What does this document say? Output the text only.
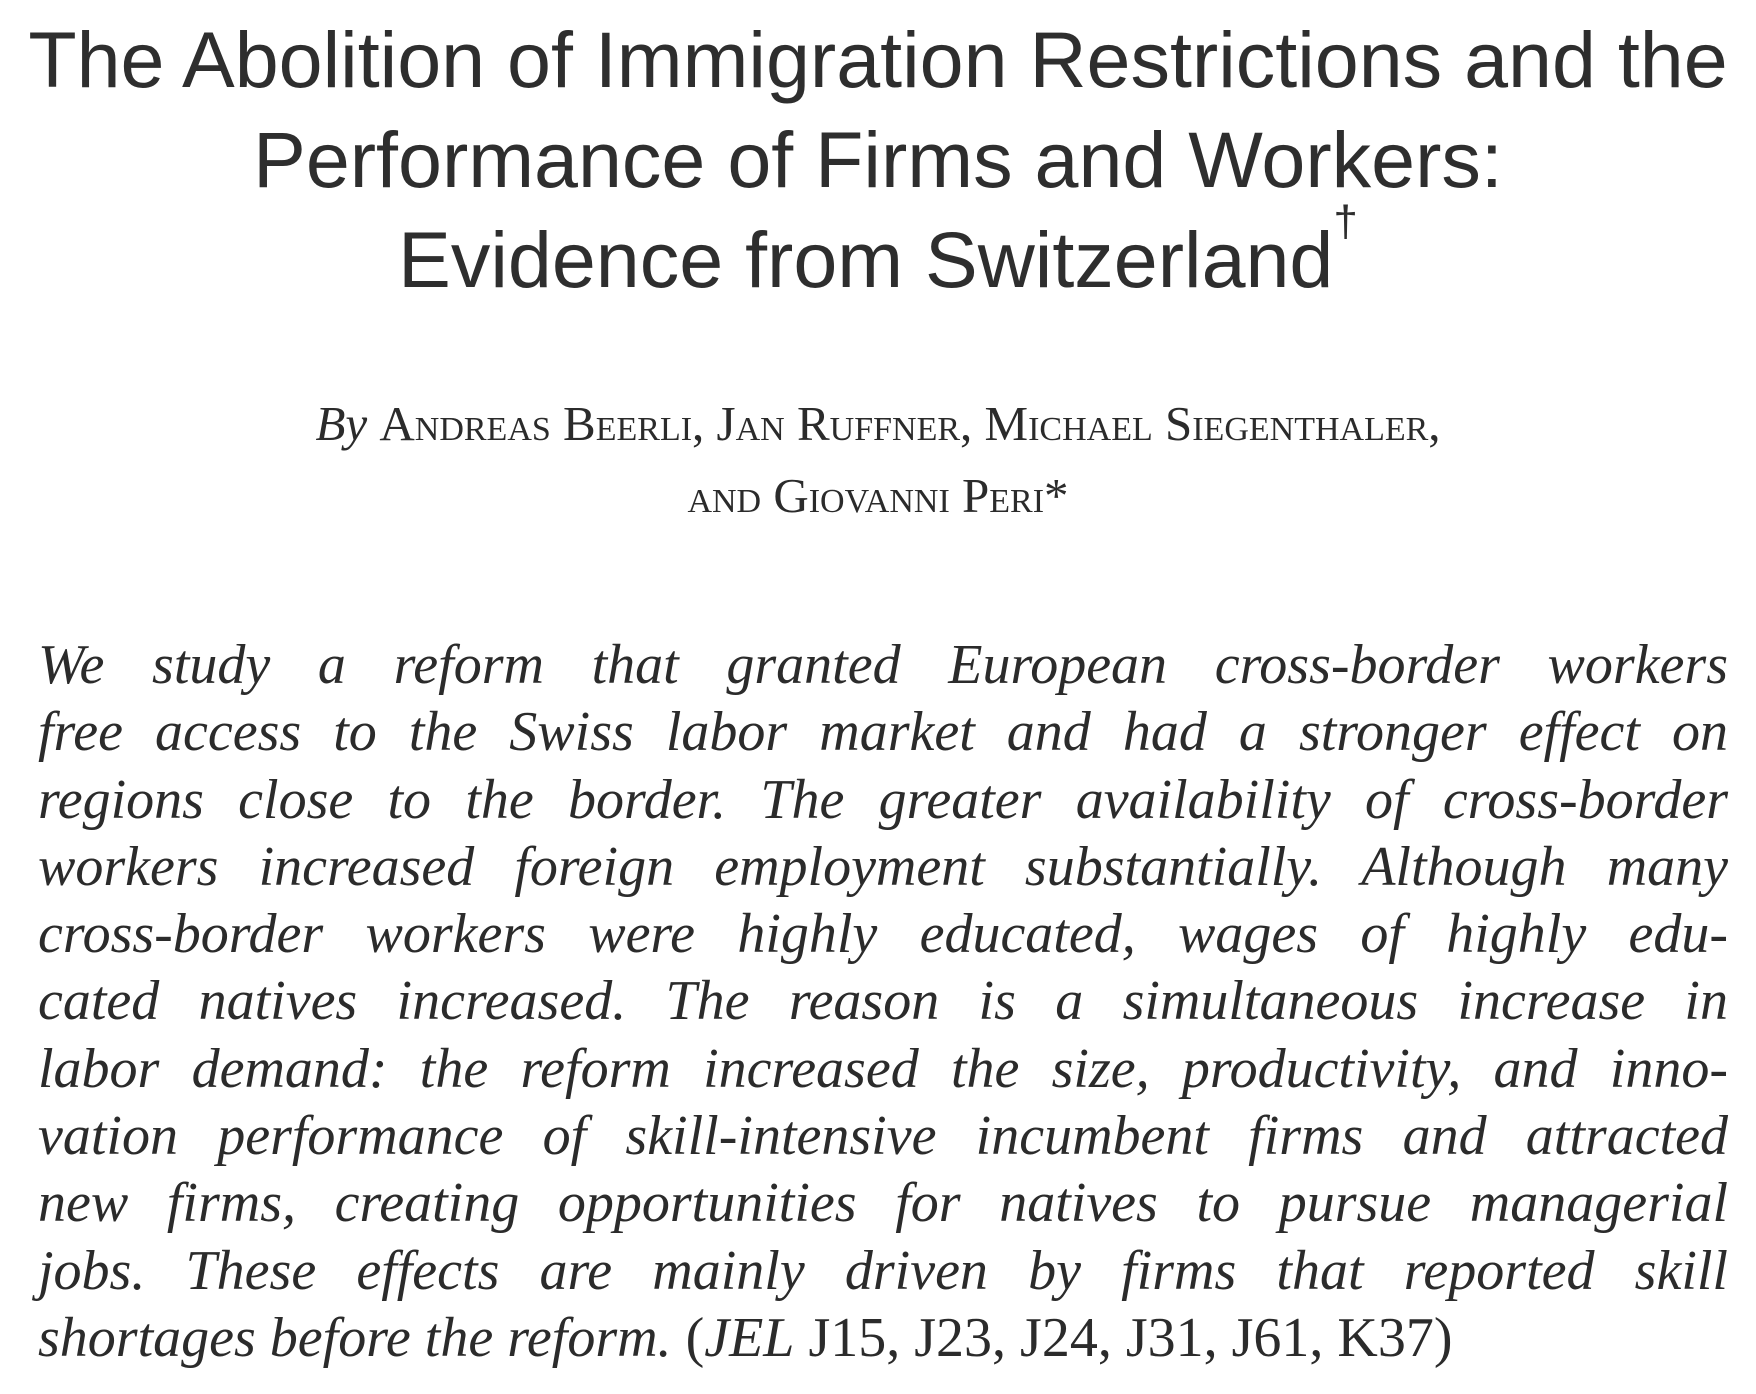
The Abolition of Immigration Restrictions and the
Performance of Firms and Workers:
Evidence from Switzerland†
By Andreas Beerli, Jan Ruffner, Michael Siegenthaler,
and Giovanni Peri*
We study a reform that granted European cross-border workers
free access to the Swiss labor market and had a stronger effect on
regions close to the border. The greater availability of cross-border
workers increased foreign employment substantially. Although many
cross-border workers were highly educated, wages of highly edu-
cated natives increased. The reason is a simultaneous increase in
labor demand: the reform increased the size, productivity, and inno-
vation performance of skill-intensive incumbent firms and attracted
new firms, creating opportunities for natives to pursue managerial
jobs. These effects are mainly driven by firms that reported skill
shortages before the reform. (JEL J15, J23, J24, J31, J61, K37)
